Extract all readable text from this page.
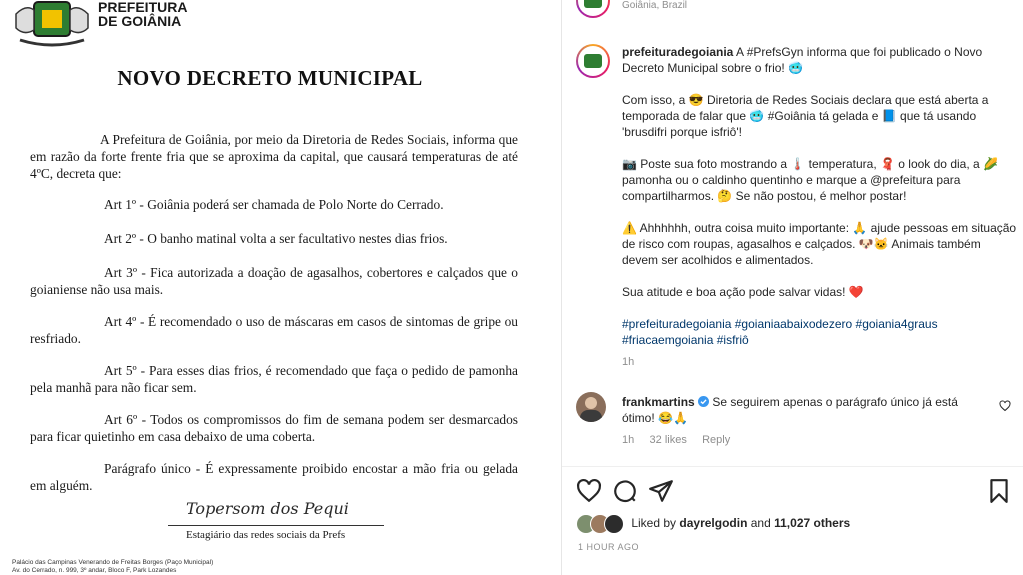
PREFEITURA
DE GOIÂNIA
NOVO DECRETO MUNICIPAL

A Prefeitura de Goiânia, por meio da Diretoria de Redes Sociais, informa que em razão da forte frente fria que se aproxima da capital, que causará temperaturas de até 4ºC, decreta que:

Art 1º - Goiânia poderá ser chamada de Polo Norte do Cerrado.

Art 2º - O banho matinal volta a ser facultativo nestes dias frios.

Art 3º - Fica autorizada a doação de agasalhos, cobertores e calçados que o goianiense não usa mais.

Art 4º - É recomendado o uso de máscaras em casos de sintomas de gripe ou resfriado.

Art 5º - Para esses dias frios, é recomendado que faça o pedido de pamonha pela manhã para não ficar sem.

Art 6º - Todos os compromissos do fim de semana podem ser desmarcados para ficar quietinho em casa debaixo de uma coberta.

Parágrafo único - É expressamente proibido encostar a mão fria ou gelada em alguém.

Topersom dos Pequi
Estagiário das redes sociais da Prefs
Palácio das Campinas Venerando de Freitas Borges (Paço Municipal)
Av. do Cerrado, n. 999, 3º andar, Bloco F, Park Lozandes
Goiânia, Brazil

prefeituradegoiania A #PrefsGyn informa que foi publicado o Novo Decreto Municipal sobre o frio! 🥶

Com isso, a 😎 Diretoria de Redes Sociais declara que está aberta a temporada de falar que 🥶 #Goiânia tá gelada e 📘 que tá usando 'brusdifri porque isfriô'!

📷 Poste sua foto mostrando a 🌡️ temperatura, 🧣 o look do dia, a 🌽 pamonha ou o caldinho quentinho e marque a @prefeitura para compartilharmos. 🤔 Se não postou, é melhor postar!

⚠️ Ahhhhhh, outra coisa muito importante: 🙏 ajude pessoas em situação de risco com roupas, agasalhos e calçados. 🐶🐱 Animais também devem ser acolhidos e alimentados.

Sua atitude e boa ação pode salvar vidas! ❤️

#prefeituradegoiania #goianiaabaixodezero #goiania4graus #friacaemgoiania #isfriô

1h
frankmartins Se seguirem apenas o parágrafo único já está ótimo! 😂🙏
1h 32 likes Reply
Liked by dayrelgodin and 11,027 others
1 HOUR AGO
